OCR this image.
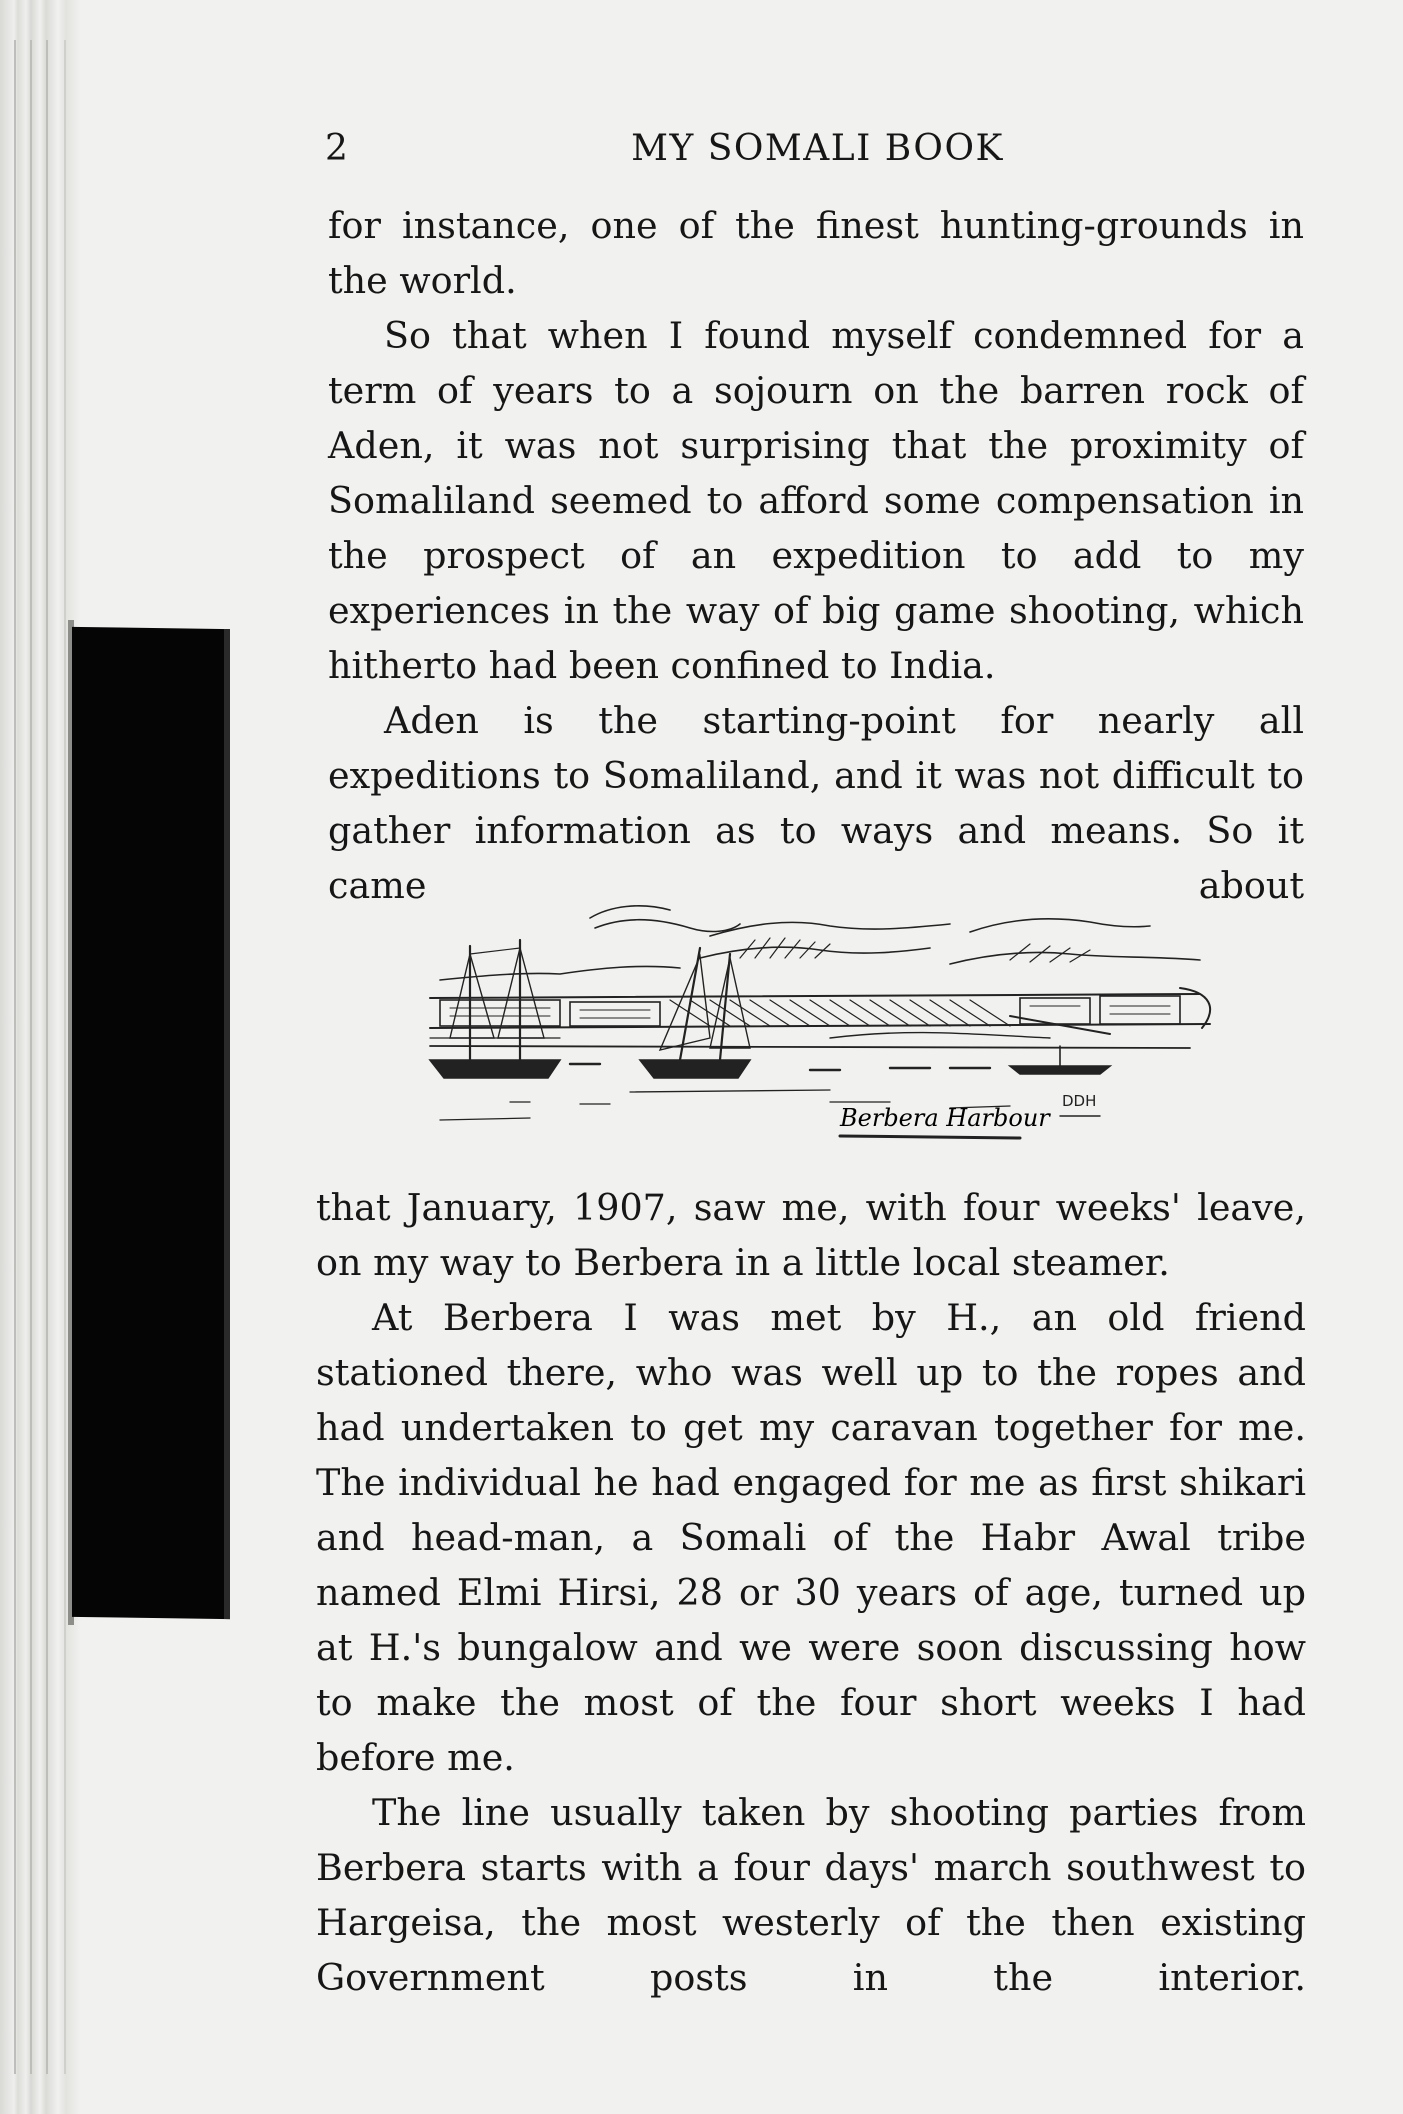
2	MY SOMALI BOOK

for instance, one of the finest hunting-grounds in the world.

So that when I found myself condemned for a term of years to a sojourn on the barren rock of Aden, it was not surprising that the proximity of Somaliland seemed to afford some compensation in the prospect of an expedition to add to my experiences in the way of big game shooting, which hitherto had been confined to India.

Aden is the starting-point for nearly all expeditions to Somaliland, and it was not difficult to gather information as to ways and means. So it came about

Berbera Harbour
DDH

that January, 1907, saw me, with four weeks' leave, on my way to Berbera in a little local steamer.

At Berbera I was met by H., an old friend stationed there, who was well up to the ropes and had undertaken to get my caravan together for me. The individual he had engaged for me as first shikari and head-man, a Somali of the Habr Awal tribe named Elmi Hirsi, 28 or 30 years of age, turned up at H.'s bungalow and we were soon discussing how to make the most of the four short weeks I had before me.

The line usually taken by shooting parties from Berbera starts with a four days' march southwest to Hargeisa, the most westerly of the then existing Government posts in the interior.
